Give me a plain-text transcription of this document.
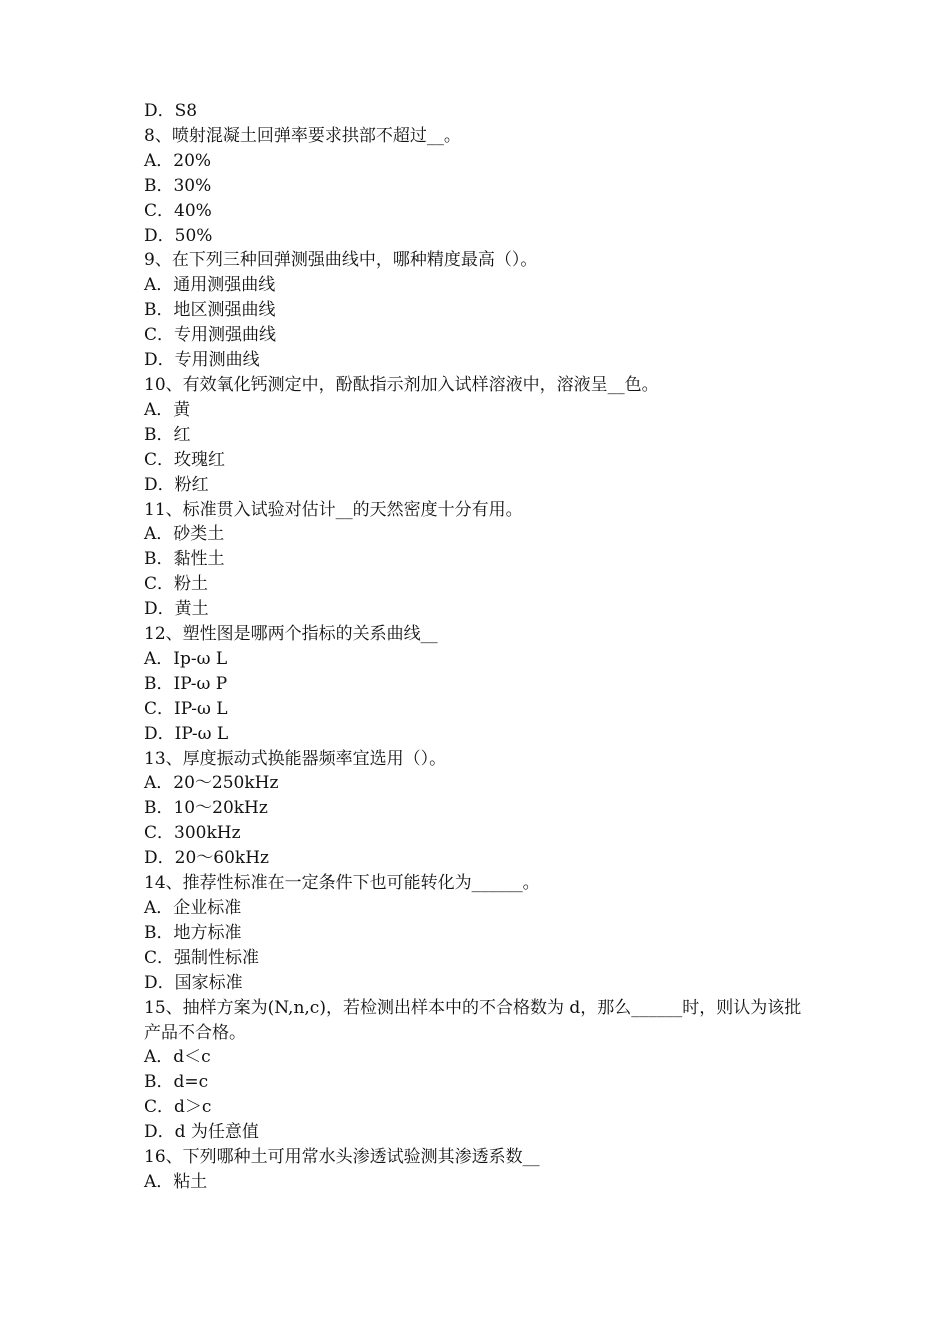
D．S8

8、喷射混凝土回弹率要求拱部不超过__。

A．20%

B．30%

C．40%

D．50%

9、在下列三种回弹测强曲线中，哪种精度最高（）。

A．通用测强曲线

B．地区测强曲线

C．专用测强曲线

D．专用测曲线

10、有效氧化钙测定中，酚酞指示剂加入试样溶液中，溶液呈__色。

A．黄

B．红

C．玫瑰红

D．粉红

11、标准贯入试验对估计__的天然密度十分有用。

A．砂类土

B．黏性土

C．粉土

D．黄土

12、塑性图是哪两个指标的关系曲线__

A．Ip-ω L

B．IP-ω P

C．IP-ω L

D．IP-ω L

13、厚度振动式换能器频率宜选用（）。

A．20～250kHz

B．10～20kHz

C．300kHz

D．20～60kHz

14、推荐性标准在一定条件下也可能转化为______。

A．企业标准

B．地方标准

C．强制性标准

D．国家标准

15、抽样方案为(N,n,c)，若检测出样本中的不合格数为 d，那么______时，则认为该批产品不合格。

A．d＜c

B．d=c

C．d＞c

D．d 为任意值

16、下列哪种土可用常水头渗透试验测其渗透系数__

A．粘土
